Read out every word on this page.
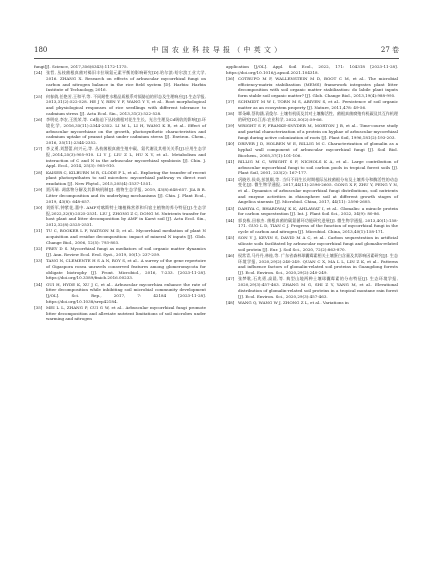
180	中 国 农 业 科 技 导 报 （ 中 英 文 ）	27 卷
fungi[J]. Science, 2017,356(6343):1172-1175.
[24] 张哲, 丛枝菌根真菌对褐旧丰拉瑞氮元素平衡的影响研究[D].哈尔滨:哈尔滨工业大学, 2016. ZHANG X. Research on effects of arbuscular mycorrhizal fungi on carbon and nitrogen balance in the rice field system [D]. Harbin: Harbin Institute of Technology, 2016.
[25] 何春倩,任艳芳,王和平,等. 不同耐性水稻品质根系对镉胁迫的形态及生理响应[J].生态学报, 2013,31(2):522-528. HE J Y, REN Y F, WANG Y Y, et al.. Root morphological and physiological responses of rice seedlings with different tolerance to cadmium stress [J]. Acta Ecol. Sin., 2013,31(2):522-528.
[26] 李明亮,李农,王凯荣,等. Cd胁迫下丛枝菌根对花生生长、光合生理及Cd吸收的影响[J].环境化学, 2016,35(11):2344-2352. LI M L, LI H, WANG K R, et al.. Effect of arbuscular mycorrhizae on the growth, photosynthetic characteristics and cadmium uptake of peanut plant under cadmium stress [J]. Environ. Chem., 2016, 35(11):2344-2352.
[27] 李义勇,刘慧蕾,何兴元,等. 丛枝菌根真菌生殖中碳、氮代谢及其相关关系[J].应用生态学报,2014,25(3):905-910. LI Y J, LIU Z L, HU X Y, et al.. Metabolism and interaction of C and N in the arbuscular mycorrhizal symbiosis [J]. Chin. J. Appl. Ecol., 2014, 25(3): 905-910.
[28] KAISER C, KILBURN M R, CLODE P L, et al.. Exploring the transfer of recent plant photosynthates to soil microbes: mycorrhizal pathway vs direct root exudation [J]. New Phytol., 2015,205(4):1537-1551.
[29] 贾丙瑞. 凋落物分解及其影响机制[J]. 植物生态学报, 2019, 43(8):648-657. JIA B R. Litter decomposition and its underlying mechanisms [J]. Chin. J. Plant Ecol., 2019, 43(8): 648-657.
[30] 刘娇军,钟紫花,董中. AMF对喀斯特土壤植株营养和归宿主植物的养分特征[J].生态学报,2022,32(8):2525-2531. LIU J, ZHONG Z C, DONG M. Nutrients transfer for host plant and litter decomposition by AMF in Karst soil [J]. Acta Ecol. Sin., 2012,32(8):2525-2531.
[31] TU C, BOOKER L F, WATSON M D, et al.. Mycorrhizal mediation of plant N acquisition and residue decomposition: impact of mineral N inputs [J]. Glob. Change Biol., 2006, 12(5): 793-803.
[32] FREY D S. Mycorrhizal fungi as mediators of soil organic matter dynamics [J]. Ann. Review Ecol. Evol. Syst., 2019, 50(1): 237-259.
[33] TANG N, CLEMENTE H S A N, ROY S, et al.. A survey of the gene repertoire of Gigaspora rosea unravels conserved features among glomeromycota for obligate biotrophy [J]. Front. Microbiol., 2016, 7:233. [2023-11-28]. https://doi.org/10.3389/fmicb.2016.00233.
[34] GUI H, HYDE K, XU J C, et al.. Arbuscular mycorrhiza enhance the rate of litter decomposition while inhibiting soil microbial community development [J/OL]. Sci. Rep., 2017, 7: 42184 [2023-11-28]. https://doi.org/10.1038/srep42184.
[35] MEI L L, ZHANG P, CUI G W, et al.. Arbuscular mycorrhizal fungi promote litter decomposition and alleviate nutrient limitations of soil microbes under warming and nitrogen
application [J/OL]. Appl. Soil Ecol., 2022, 171: 104318 [2023-11-28]. https://doi.org/10.1016/j.apsoil.2021.104318.
[36] COTRUFO M F, WALLENSTEIN M D, BOOT C M, et al.. The microbial efficiency-matrix stabilization (MEMS) framework integrates plant litter decomposition with soil organic matter stabilization: do labile plant inputs form stable soil organic matter? [J]. Glob. Change Biol., 2013,19(4):988-995.
[37] SCHMIDT M W I, TORN M S, ABIVEN S, et al.. Persistence of soil organic matter as an ecosystem property [J]. Nature, 2011,478: 49-56.
[38] 覃朵峰,蔡钩涵,袁俊尔. 土壤有机质及其对土壤酶活性、菌根真菌腐殖有机碳及其互作机理的研究[D].江苏:农业科学, 2022,50(2):59-66.
[39] WRIGHT S F, FRANKE-SNYDER M, MORTON J B, et al.. Time-course study and partial characterization of a protein on hyphae of arbuscular mycorrhizal fungi during active colonization of roots [J]. Plant Soil, 1996,181(2):193-203.
[40] DRIVER J D, HOLBEN W E, RILLIG M C. Characterization of glomalin as a hyphal wall component of arbuscular mycorrhizal fungi [J]. Soil Biol. Biochem., 2005,37(1):101-106.
[41] RILLIG M C, WRIGHT S F, NICHOLS K A, et al.. Large contribution of arbuscular mycorrhizal fungi to soil carbon pools in tropical forest soils [J]. Plant Soil, 2001, 233(2): 167-177.
[42] 巩晓芳,侯英,彭凯顺,等. 当归不同生长时期根际丛枝菌根分布及土壤养分和酶活性的动态变化[J]. 微生物学通报, 2017,44(11):2596-2605. GONG X F, ZHU Y, PENG Y N, et al.. Dynamics of arbuscular mycorrhizal fungi distributions, soil nutrients and enzyme activities in rhizosphere soil at different growth stages of Angelica sinensis [J]. Microbiol. China, 2017, 44(11): 2596-2605.
[43] DAHIYA C, BHARDWAJ K K, AHLAWAT I, et al.. Glomalin: a miracle protein for carbon sequestration [J]. Int. J. Plant Soil Sci., 2022, 34(9): 80-86.
[44] 郭良栋,田春杰. 菌根真菌的碳氮循环功能研究进展[J]. 微生物学通报, 2013,40(1):158-171. GUO L D, TIAN C J. Progress of the function of mycorrhizal fungi in the cycle of carbon and nitrogen [J]. Microbiol. China, 2013,40(1):158-171.
[45] SON Y J, KEVIN S, DAVID M A C, et al.. Carbon sequestration in artificial silicate soils facilitated by arbuscular mycorrhizal fungi and glomalin-related soil protein [J]. Eur. J. Soil Sci., 2020, 72(2):863-870.
[46] 权常青,马丹丹,林桂,等. 广东省森林球囊霉素相关土壤蛋白含量及其影响因素研究[J]. 生态环境学报, 2020,29(2):240-249. QUAN C X, MA L L, LIN Z K, et al.. Patterns and influence factors of glomalin-related soil proteins in Guangdong forests [J]. Ecol. Environ. Sci., 2020,29(2):240-249.
[47] 张梦歌,石兆勇,高晨,等. 典型山地两种土壤球囊霉素的分布特征[J]. 生态环境学报, 2020,29(3):457-463. ZHANG M G, SHI Z Y, YANG M, et al.. Elevational distribution of glomalin-related soil proteins in a tropical montane rain forest [J]. Ecol. Environ. Sci., 2020,29(3):457-463.
[48] WANG Q, WANG W J, ZHONG Z L, et al.. Variations in
